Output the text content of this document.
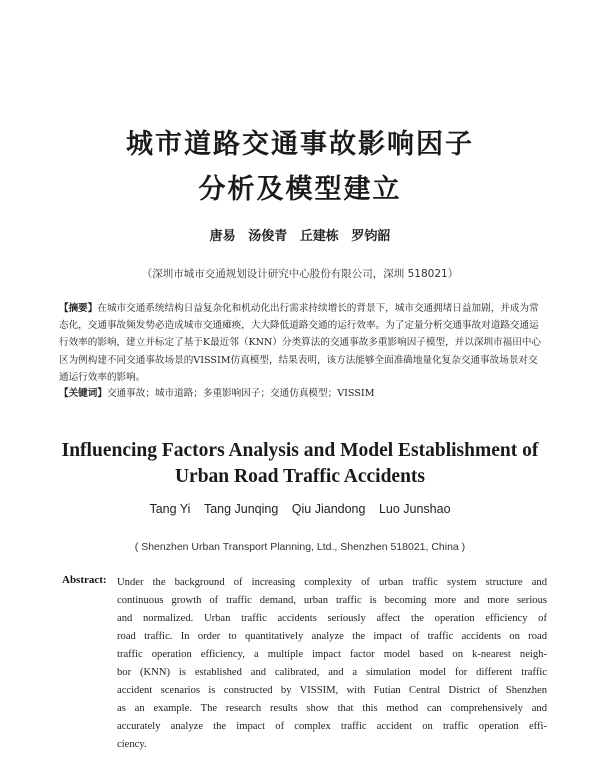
城市道路交通事故影响因子
分析及模型建立
唐易 汤俊青 丘建栋 罗钧韶
（深圳市城市交通规划设计研究中心股份有限公司，深圳 518021）
【摘要】在城市交通系统结构日益复杂化和机动化出行需求持续增长的背景下，城市交通拥堵日益加剧，并成为常态化，交通事故频发势必造成城市交通瘫痪，大大降低道路交通的运行效率。为了定量分析交通事故对道路交通运行效率的影响，建立并标定了基于K最近邻（KNN）分类算法的交通事故多重影响因子模型，并以深圳市福田中心区为例构建不同交通事故场景的VISSIM仿真模型，结果表明，该方法能够全面准确地量化复杂交通事故场景对交通运行效率的影响。
【关键词】交通事故；城市道路；多重影响因子；交通仿真模型；VISSIM
Influencing Factors Analysis and Model Establishment of
Urban Road Traffic Accidents
Tang Yi Tang Junqing Qiu Jiandong Luo Junshao
( Shenzhen Urban Transport Planning, Ltd., Shenzhen 518021, China )
Abstract: Under the background of increasing complexity of urban traffic system structure and
continuous growth of traffic demand, urban traffic is becoming more and more serious
and normalized. Urban traffic accidents seriously affect the operation efficiency of
road traffic. In order to quantitatively analyze the impact of traffic accidents on road
traffic operation efficiency, a multiple impact factor model based on k-nearest neigh-
bor (KNN) is established and calibrated, and a simulation model for different traffic
accident scenarios is constructed by VISSIM, with Futian Central District of Shenzhen
as an example. The research results show that this method can comprehensively and
accurately analyze the impact of complex traffic accident on traffic operation effi-
ciency.
